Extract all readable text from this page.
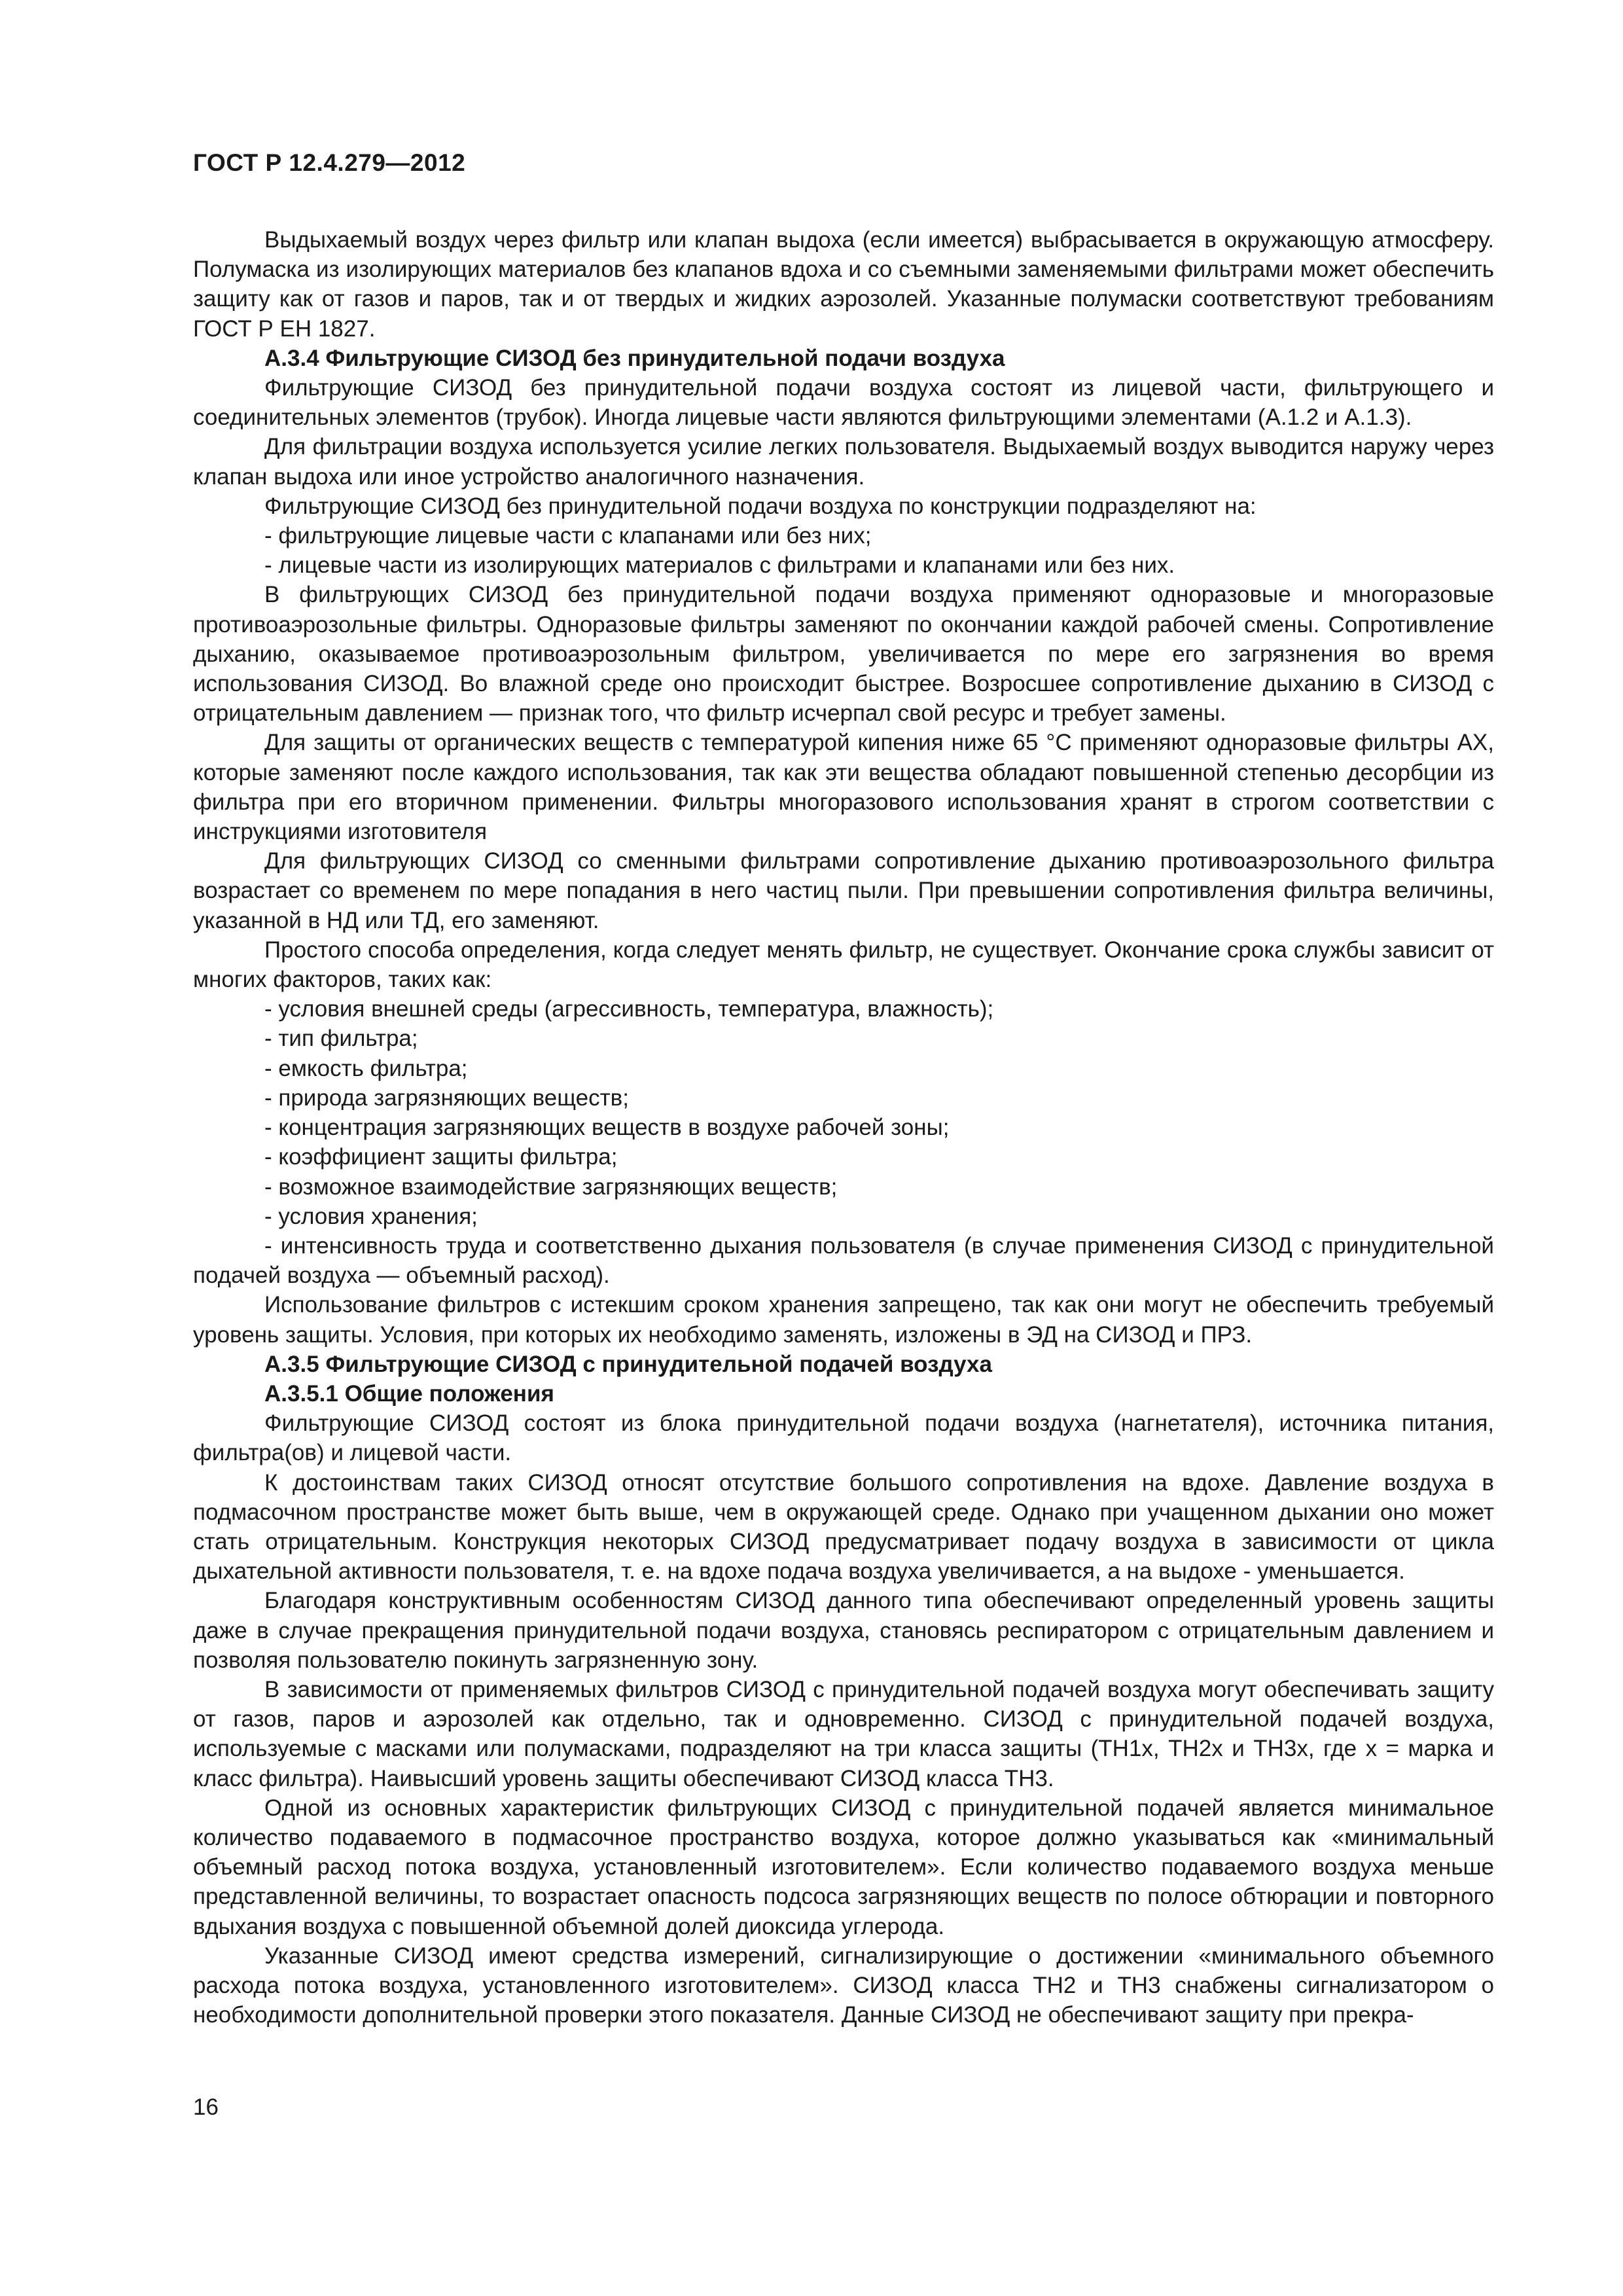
ГОСТ Р 12.4.279—2012

Выдыхаемый воздух через фильтр или клапан выдоха (если имеется) выбрасывается в окружающую атмосферу. Полумаска из изолирующих материалов без клапанов вдоха и со съемными заменяемыми фильтрами может обеспечить защиту как от газов и паров, так и от твердых и жидких аэрозолей. Указанные полумаски соответствуют требованиям ГОСТ Р ЕН 1827.

А.3.4 Фильтрующие СИЗОД без принудительной подачи воздуха

Фильтрующие СИЗОД без принудительной подачи воздуха состоят из лицевой части, фильтрующего и соединительных элементов (трубок). Иногда лицевые части являются фильтрующими элементами (А.1.2 и А.1.3).

Для фильтрации воздуха используется усилие легких пользователя. Выдыхаемый воздух выводится наружу через клапан выдоха или иное устройство аналогичного назначения.

Фильтрующие СИЗОД без принудительной подачи воздуха по конструкции подразделяют на:

- фильтрующие лицевые части с клапанами или без них;

- лицевые части из изолирующих материалов с фильтрами и клапанами или без них.

В фильтрующих СИЗОД без принудительной подачи воздуха применяют одноразовые и многоразовые противоаэрозольные фильтры. Одноразовые фильтры заменяют по окончании каждой рабочей смены. Сопротивление дыханию, оказываемое противоаэрозольным фильтром, увеличивается по мере его загрязнения во время использования СИЗОД. Во влажной среде оно происходит быстрее. Возросшее сопротивление дыханию в СИЗОД с отрицательным давлением — признак того, что фильтр исчерпал свой ресурс и требует замены.

Для защиты от органических веществ с температурой кипения ниже 65 °С применяют одноразовые фильтры АХ, которые заменяют после каждого использования, так как эти вещества обладают повышенной степенью десорбции из фильтра при его вторичном применении. Фильтры многоразового использования хранят в строгом соответствии с инструкциями изготовителя

Для фильтрующих СИЗОД со сменными фильтрами сопротивление дыханию противоаэрозольного фильтра возрастает со временем по мере попадания в него частиц пыли. При превышении сопротивления фильтра величины, указанной в НД или ТД, его заменяют.

Простого способа определения, когда следует менять фильтр, не существует. Окончание срока службы зависит от многих факторов, таких как:

- условия внешней среды (агрессивность, температура, влажность);

- тип фильтра;

- емкость фильтра;

- природа загрязняющих веществ;

- концентрация загрязняющих веществ в воздухе рабочей зоны;

- коэффициент защиты фильтра;

- возможное взаимодействие загрязняющих веществ;

- условия хранения;

- интенсивность труда и соответственно дыхания пользователя (в случае применения СИЗОД с принудительной подачей воздуха — объемный расход).

Использование фильтров с истекшим сроком хранения запрещено, так как они могут не обеспечить требуемый уровень защиты. Условия, при которых их необходимо заменять, изложены в ЭД на СИЗОД и ПРЗ.

А.3.5 Фильтрующие СИЗОД с принудительной подачей воздуха

А.3.5.1 Общие положения

Фильтрующие СИЗОД состоят из блока принудительной подачи воздуха (нагнетателя), источника питания, фильтра(ов) и лицевой части.

К достоинствам таких СИЗОД относят отсутствие большого сопротивления на вдохе. Давление воздуха в подмасочном пространстве может быть выше, чем в окружающей среде. Однако при учащенном дыхании оно может стать отрицательным. Конструкция некоторых СИЗОД предусматривает подачу воздуха в зависимости от цикла дыхательной активности пользователя, т. е. на вдохе подача воздуха увеличивается, а на выдохе - уменьшается.

Благодаря конструктивным особенностям СИЗОД данного типа обеспечивают определенный уровень защиты даже в случае прекращения принудительной подачи воздуха, становясь респиратором с отрицательным давлением и позволяя пользователю покинуть загрязненную зону.

В зависимости от применяемых фильтров СИЗОД с принудительной подачей воздуха могут обеспечивать защиту от газов, паров и аэрозолей как отдельно, так и одновременно. СИЗОД с принудительной подачей воздуха, используемые с масками или полумасками, подразделяют на три класса защиты (ТН1х, ТН2х и ТН3х, где х = марка и класс фильтра). Наивысший уровень защиты обеспечивают СИЗОД класса ТН3.

Одной из основных характеристик фильтрующих СИЗОД с принудительной подачей является минимальное количество подаваемого в подмасочное пространство воздуха, которое должно указываться как «минимальный объемный расход потока воздуха, установленный изготовителем». Если количество подаваемого воздуха меньше представленной величины, то возрастает опасность подсоса загрязняющих веществ по полосе обтюрации и повторного вдыхания воздуха с повышенной объемной долей диоксида углерода.

Указанные СИЗОД имеют средства измерений, сигнализирующие о достижении «минимального объемного расхода потока воздуха, установленного изготовителем». СИЗОД класса ТН2 и ТН3 снабжены сигнализатором о необходимости дополнительной проверки этого показателя. Данные СИЗОД не обеспечивают защиту при прекра-

16
